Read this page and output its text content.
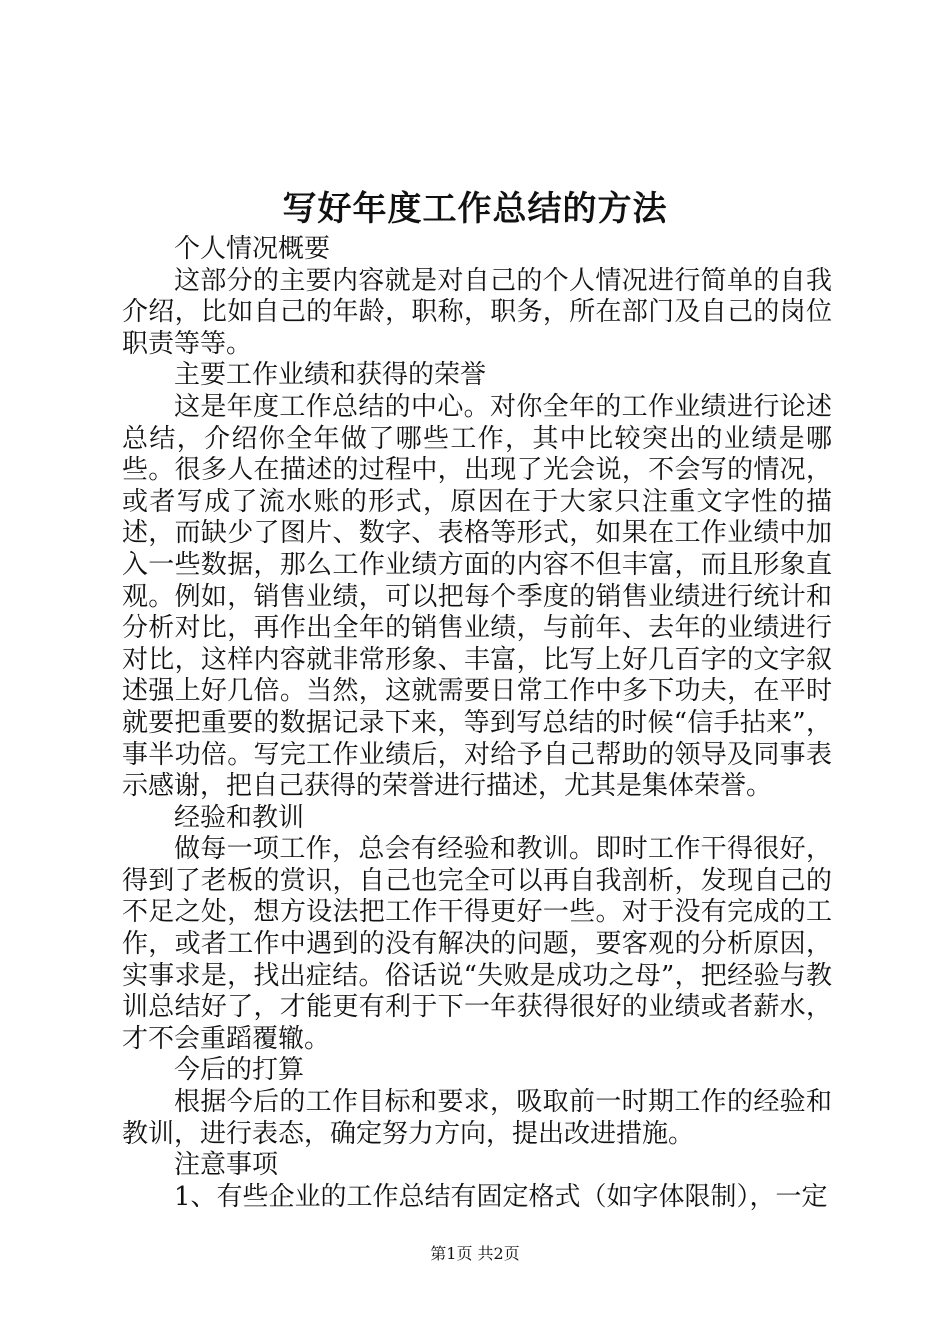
写好年度工作总结的方法

个人情况概要

这部分的主要内容就是对自己的个人情况进行简单的自我介绍，比如自己的年龄，职称，职务，所在部门及自己的岗位职责等等。

主要工作业绩和获得的荣誉

这是年度工作总结的中心。对你全年的工作业绩进行论述总结，介绍你全年做了哪些工作，其中比较突出的业绩是哪些。很多人在描述的过程中，出现了光会说，不会写的情况，或者写成了流水账的形式，原因在于大家只注重文字性的描述，而缺少了图片、数字、表格等形式，如果在工作业绩中加入一些数据，那么工作业绩方面的内容不但丰富，而且形象直观。例如，销售业绩，可以把每个季度的销售业绩进行统计和分析对比，再作出全年的销售业绩，与前年、去年的业绩进行对比，这样内容就非常形象、丰富，比写上好几百字的文字叙述强上好几倍。当然，这就需要日常工作中多下功夫，在平时就要把重要的数据记录下来，等到写总结的时候“信手拈来”，事半功倍。写完工作业绩后，对给予自己帮助的领导及同事表示感谢，把自己获得的荣誉进行描述，尤其是集体荣誉。

经验和教训

做每一项工作，总会有经验和教训。即时工作干得很好，得到了老板的赏识，自己也完全可以再自我剖析，发现自己的不足之处，想方设法把工作干得更好一些。对于没有完成的工作，或者工作中遇到的没有解决的问题，要客观的分析原因，实事求是，找出症结。俗话说“失败是成功之母”，把经验与教训总结好了，才能更有利于下一年获得很好的业绩或者薪水，才不会重蹈覆辙。

今后的打算

根据今后的工作目标和要求，吸取前一时期工作的经验和教训，进行表态，确定努力方向，提出改进措施。

注意事项

1、有些企业的工作总结有固定格式（如字体限制），一定

第1页 共2页
